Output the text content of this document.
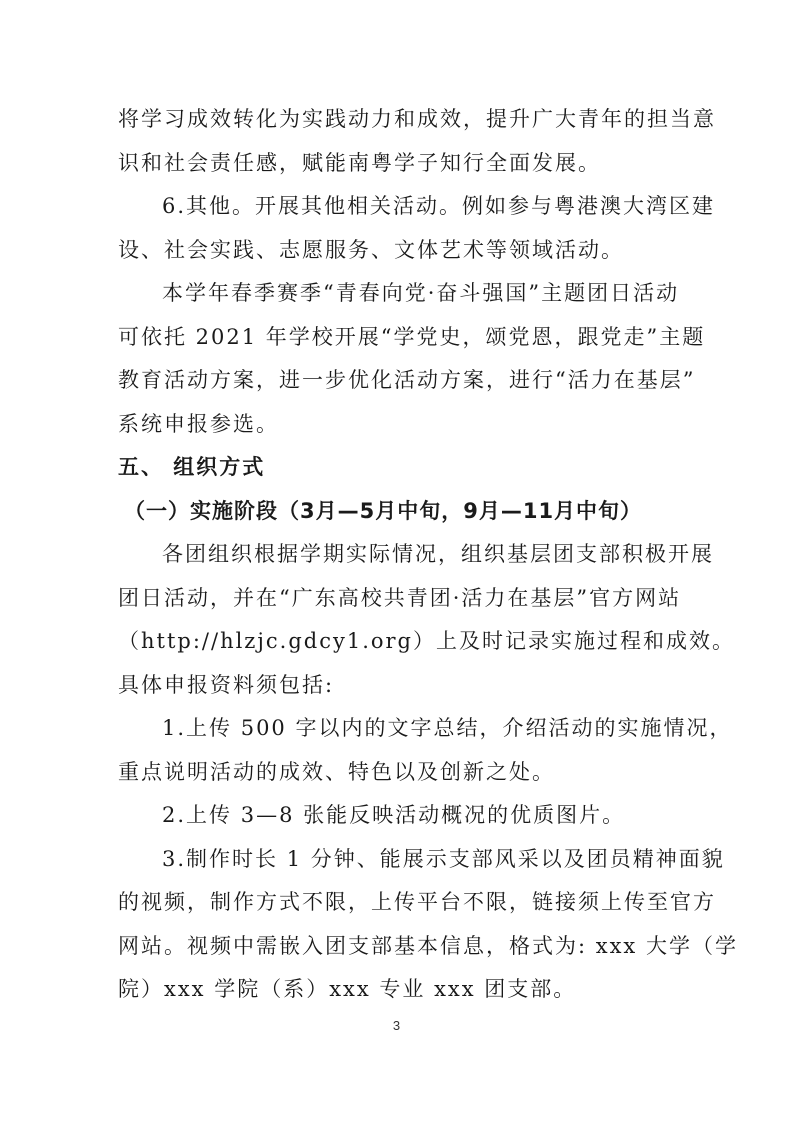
将学习成效转化为实践动力和成效，提升广大青年的担当意
识和社会责任感，赋能南粤学子知行全面发展。
6.其他。开展其他相关活动。例如参与粤港澳大湾区建
设、社会实践、志愿服务、文体艺术等领域活动。
本学年春季赛季“青春向党·奋斗强国”主题团日活动
可依托 2021 年学校开展“学党史，颂党恩，跟党走”主题
教育活动方案，进一步优化活动方案，进行“活力在基层”
系统申报参选。
五、 组织方式
（一）实施阶段（3月—5月中旬，9月—11月中旬）
各团组织根据学期实际情况，组织基层团支部积极开展
团日活动，并在“广东高校共青团·活力在基层”官方网站
（http://hlzjc.gdcy1.org）上及时记录实施过程和成效。
具体申报资料须包括:
1.上传 500 字以内的文字总结，介绍活动的实施情况，
重点说明活动的成效、特色以及创新之处。
2.上传 3—8 张能反映活动概况的优质图片。
3.制作时长 1 分钟、能展示支部风采以及团员精神面貌
的视频，制作方式不限，上传平台不限，链接须上传至官方
网站。视频中需嵌入团支部基本信息，格式为: xxx 大学（学
院）xxx 学院（系）xxx 专业 xxx 团支部。
3
